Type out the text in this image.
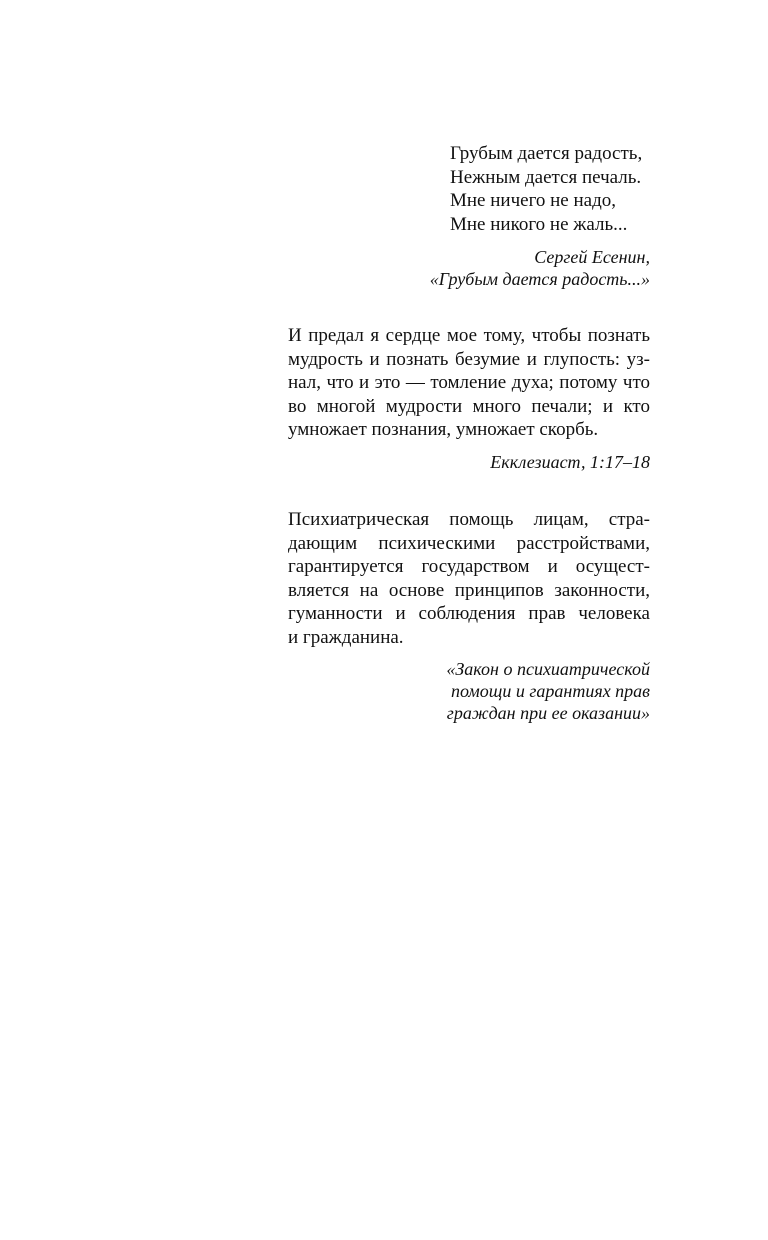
Грубым дается радость,
Нежным дается печаль.
Мне ничего не надо,
Мне никого не жаль...
Сергей Есенин,
«Грубым дается радость...»
И предал я сердце мое тому, чтобы познать
мудрость и познать безумие и глупость: уз-
нал, что и это — томление духа; потому что
во многой мудрости много печали; и кто
умножает познания, умножает скорбь.
Екклезиаст, 1:17–18
Психиатрическая помощь лицам, стра-
дающим психическими расстройствами,
гарантируется государством и осущест-
вляется на основе принципов законности,
гуманности и соблюдения прав человека
и гражданина.
«Закон о психиатрической
помощи и гарантиях прав
граждан при ее оказании»
